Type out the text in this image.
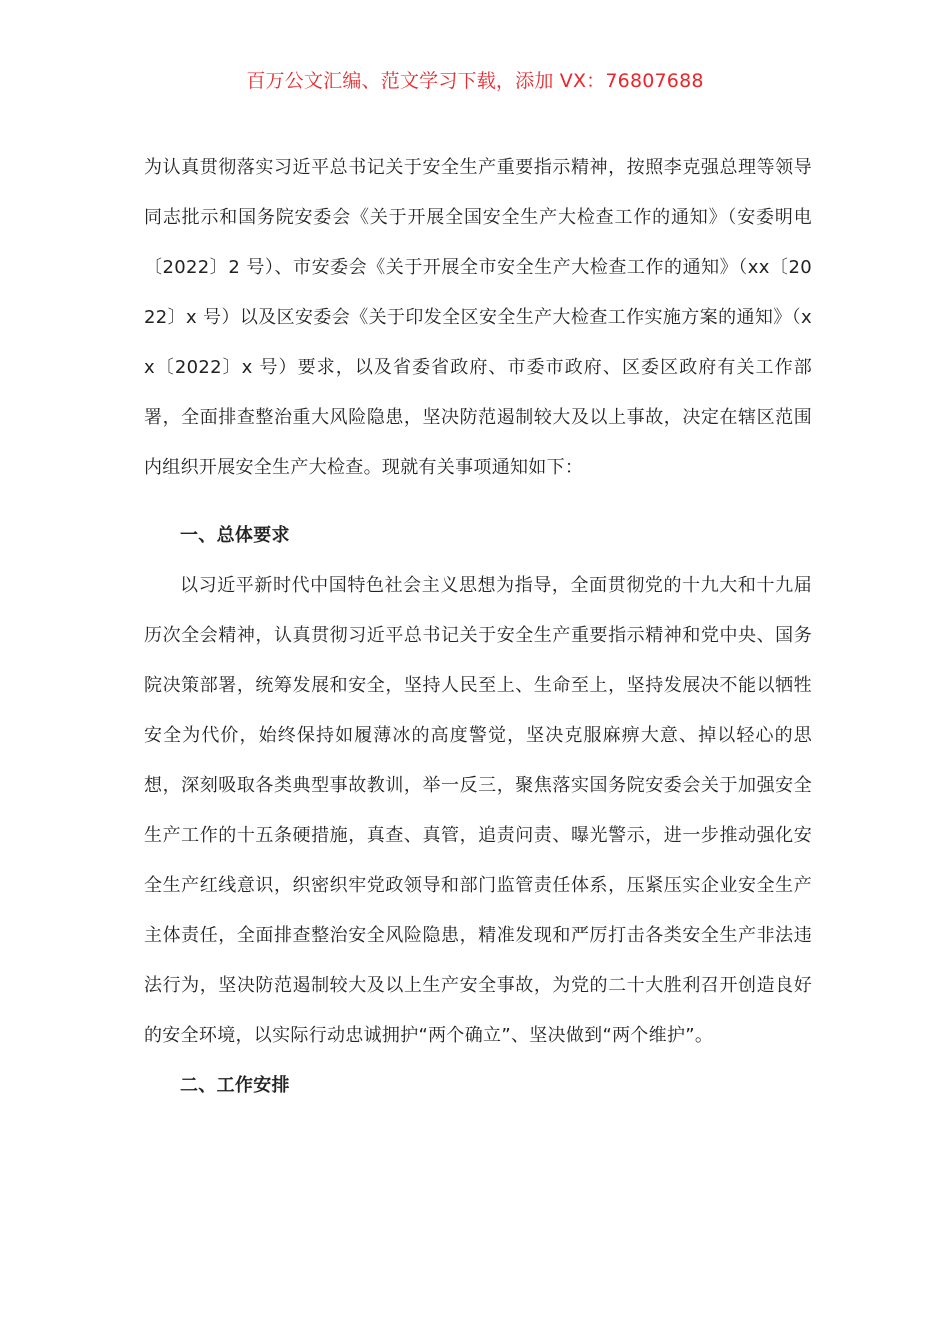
百万公文汇编、范文学习下载，添加 VX：76807688

为认真贯彻落实习近平总书记关于安全生产重要指示精神，按照李克强总理等领导同志批示和国务院安委会《关于开展全国安全生产大检查工作的通知》（安委明电〔2022〕2 号）、市安委会《关于开展全市安全生产大检查工作的通知》（xx〔2022〕x 号）以及区安委会《关于印发全区安全生产大检查工作实施方案的通知》（xx〔2022〕x 号）要求，以及省委省政府、市委市政府、区委区政府有关工作部署，全面排查整治重大风险隐患，坚决防范遏制较大及以上事故，决定在辖区范围内组织开展安全生产大检查。现就有关事项通知如下：

一、总体要求

以习近平新时代中国特色社会主义思想为指导，全面贯彻党的十九大和十九届历次全会精神，认真贯彻习近平总书记关于安全生产重要指示精神和党中央、国务院决策部署，统筹发展和安全，坚持人民至上、生命至上，坚持发展决不能以牺牲安全为代价，始终保持如履薄冰的高度警觉，坚决克服麻痹大意、掉以轻心的思想，深刻吸取各类典型事故教训，举一反三，聚焦落实国务院安委会关于加强安全生产工作的十五条硬措施，真查、真管，追责问责、曝光警示，进一步推动强化安全生产红线意识，织密织牢党政领导和部门监管责任体系，压紧压实企业安全生产主体责任，全面排查整治安全风险隐患，精准发现和严厉打击各类安全生产非法违法行为，坚决防范遏制较大及以上生产安全事故，为党的二十大胜利召开创造良好的安全环境，以实际行动忠诚拥护“两个确立”、坚决做到“两个维护”。

二、工作安排
